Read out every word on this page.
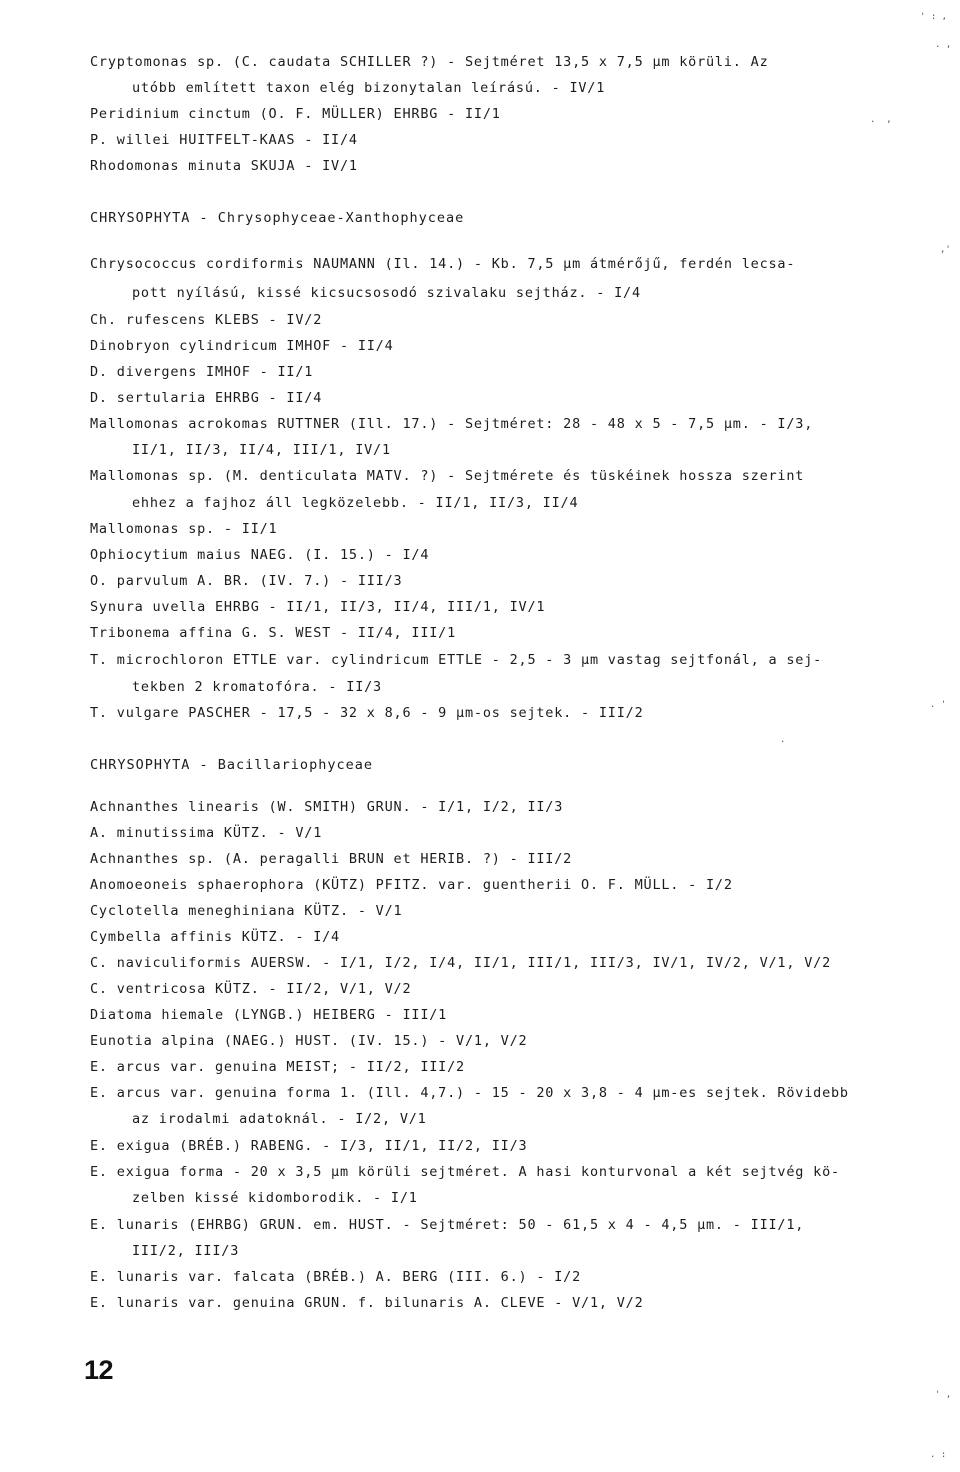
Cryptomonas sp. (C. caudata SCHILLER ?) - Sejtméret 13,5 x 7,5 µm körüli. Az
utóbb említett taxon elég bizonytalan leírású. - IV/1
Peridinium cinctum (O. F. MÜLLER) EHRBG - II/1
P. willei HUITFELT-KAAS - II/4
Rhodomonas minuta SKUJA - IV/1
CHRYSOPHYTA - Chrysophyceae-Xanthophyceae
Chrysococcus cordiformis NAUMANN (Il. 14.) - Kb. 7,5 µm átmérőjű, ferdén lecsa-
pott nyílású, kissé kicsucsosodó szivalaku sejtház. - I/4
Ch. rufescens KLEBS - IV/2
Dinobryon cylindricum IMHOF - II/4
D. divergens IMHOF - II/1
D. sertularia EHRBG - II/4
Mallomonas acrokomas RUTTNER (Ill. 17.) - Sejtméret: 28 - 48 x 5 - 7,5 µm. - I/3,
II/1, II/3, II/4, III/1, IV/1
Mallomonas sp. (M. denticulata MATV. ?) - Sejtmérete és tüskéinek hossza szerint
ehhez a fajhoz áll legközelebb. - II/1, II/3, II/4
Mallomonas sp. - II/1
Ophiocytium maius NAEG. (I. 15.) - I/4
O. parvulum A. BR. (IV. 7.) - III/3
Synura uvella EHRBG - II/1, II/3, II/4, III/1, IV/1
Tribonema affina G. S. WEST - II/4, III/1
T. microchloron ETTLE var. cylindricum ETTLE - 2,5 - 3 µm vastag sejtfonál, a sej-
tekben 2 kromatofóra. - II/3
T. vulgare PASCHER - 17,5 - 32 x 8,6 - 9 µm-os sejtek. - III/2
CHRYSOPHYTA - Bacillariophyceae
Achnanthes linearis (W. SMITH) GRUN. - I/1, I/2, II/3
A. minutissima KÜTZ. - V/1
Achnanthes sp. (A. peragalli BRUN et HERIB. ?) - III/2
Anomoeoneis sphaerophora (KÜTZ) PFITZ. var. guentherii O. F. MÜLL. - I/2
Cyclotella meneghiniana KÜTZ. - V/1
Cymbella affinis KÜTZ. - I/4
C. naviculiformis AUERSW. - I/1, I/2, I/4, II/1, III/1, III/3, IV/1, IV/2, V/1, V/2
C. ventricosa KÜTZ. - II/2, V/1, V/2
Diatoma hiemale (LYNGB.) HEIBERG - III/1
Eunotia alpina (NAEG.) HUST. (IV. 15.) - V/1, V/2
E. arcus var. genuina MEIST; - II/2, III/2
E. arcus var. genuina forma 1. (Ill. 4,7.) - 15 - 20 x 3,8 - 4 µm-es sejtek. Rövidebb
az irodalmi adatoknál. - I/2, V/1
E. exigua (BRÉB.) RABENG. - I/3, II/1, II/2, II/3
E. exigua forma - 20 x 3,5 µm körüli sejtméret. A hasi konturvonal a két sejtvég kö-
zelben kissé kidomborodik. - I/1
E. lunaris (EHRBG) GRUN. em. HUST. - Sejtméret: 50 - 61,5 x 4 - 4,5 µm. - III/1,
III/2, III/3
E. lunaris var. falcata (BRÉB.) A. BERG (III. 6.) - I/2
E. lunaris var. genuina GRUN. f. bilunaris A. CLEVE - V/1, V/2
12
' : ,
. ,
.  ,
,'
. '
.
' ,
. :
